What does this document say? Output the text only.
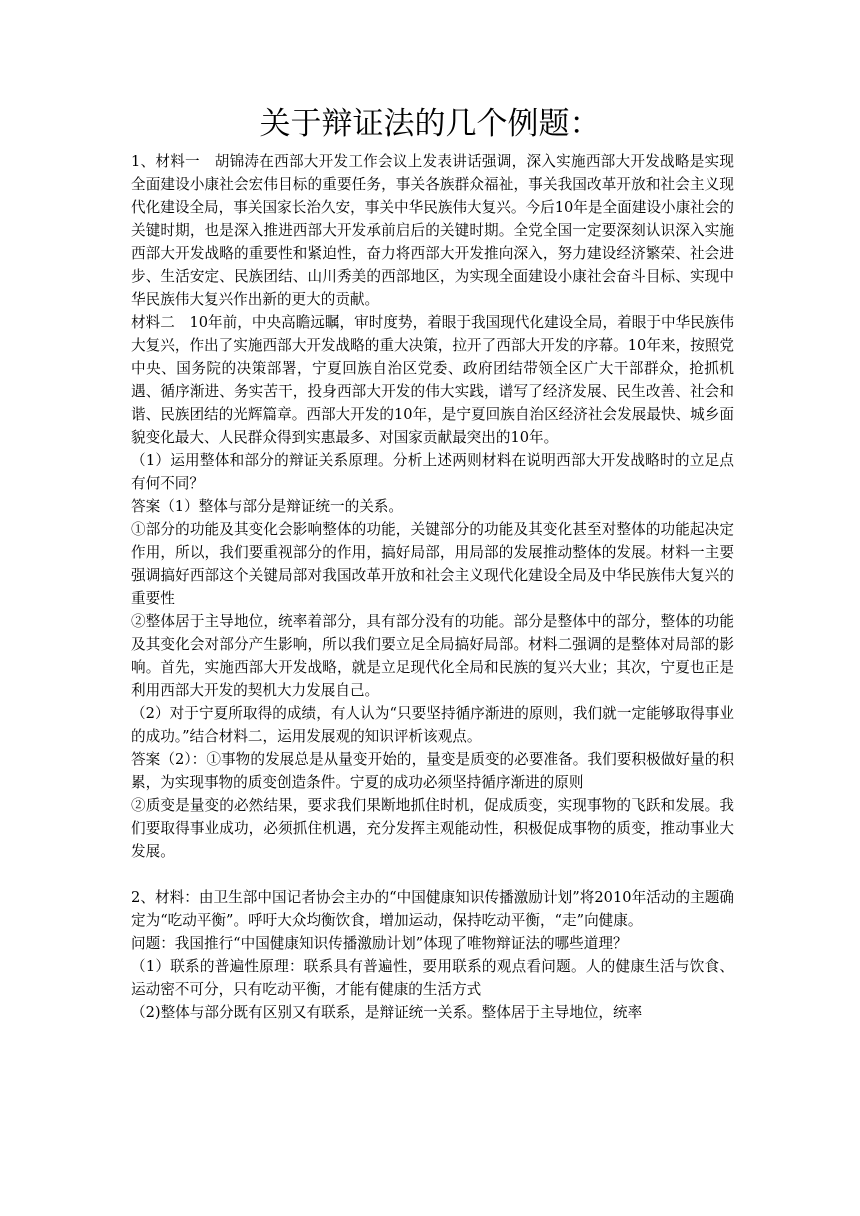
关于辩证法的几个例题：

1、材料一　胡锦涛在西部大开发工作会议上发表讲话强调，深入实施西部大开发战略是实现全面建设小康社会宏伟目标的重要任务，事关各族群众福祉，事关我国改革开放和社会主义现代化建设全局，事关国家长治久安，事关中华民族伟大复兴。今后10年是全面建设小康社会的关键时期，也是深入推进西部大开发承前启后的关键时期。全党全国一定要深刻认识深入实施西部大开发战略的重要性和紧迫性，奋力将西部大开发推向深入，努力建设经济繁荣、社会进步、生活安定、民族团结、山川秀美的西部地区，为实现全面建设小康社会奋斗目标、实现中华民族伟大复兴作出新的更大的贡献。

材料二　10年前，中央高瞻远瞩，审时度势，着眼于我国现代化建设全局，着眼于中华民族伟大复兴，作出了实施西部大开发战略的重大决策，拉开了西部大开发的序幕。10年来，按照党中央、国务院的决策部署，宁夏回族自治区党委、政府团结带领全区广大干部群众，抢抓机遇、循序渐进、务实苦干，投身西部大开发的伟大实践，谱写了经济发展、民生改善、社会和谐、民族团结的光辉篇章。西部大开发的10年，是宁夏回族自治区经济社会发展最快、城乡面貌变化最大、人民群众得到实惠最多、对国家贡献最突出的10年。

（1）运用整体和部分的辩证关系原理。分析上述两则材料在说明西部大开发战略时的立足点有何不同？

答案（1）整体与部分是辩证统一的关系。

①部分的功能及其变化会影响整体的功能，关键部分的功能及其变化甚至对整体的功能起决定作用，所以，我们要重视部分的作用，搞好局部，用局部的发展推动整体的发展。材料一主要强调搞好西部这个关键局部对我国改革开放和社会主义现代化建设全局及中华民族伟大复兴的重要性

②整体居于主导地位，统率着部分，具有部分没有的功能。部分是整体中的部分，整体的功能及其变化会对部分产生影响，所以我们要立足全局搞好局部。材料二强调的是整体对局部的影响。首先，实施西部大开发战略，就是立足现代化全局和民族的复兴大业；其次，宁夏也正是利用西部大开发的契机大力发展自己。

（2）对于宁夏所取得的成绩，有人认为“只要坚持循序渐进的原则，我们就一定能够取得事业的成功。”结合材料二，运用发展观的知识评析该观点。

答案（2）：①事物的发展总是从量变开始的，量变是质变的必要准备。我们要积极做好量的积累，为实现事物的质变创造条件。宁夏的成功必须坚持循序渐进的原则

②质变是量变的必然结果，要求我们果断地抓住时机，促成质变，实现事物的飞跃和发展。我们要取得事业成功，必须抓住机遇，充分发挥主观能动性，积极促成事物的质变，推动事业大发展。

2、材料：由卫生部中国记者协会主办的“中国健康知识传播激励计划”将2010年活动的主题确定为“吃动平衡”。呼吁大众均衡饮食，增加运动，保持吃动平衡，“走”向健康。

问题：我国推行“中国健康知识传播激励计划”体现了唯物辩证法的哪些道理？

（1）联系的普遍性原理：联系具有普遍性，要用联系的观点看问题。人的健康生活与饮食、运动密不可分，只有吃动平衡，才能有健康的生活方式

（2)整体与部分既有区别又有联系，是辩证统一关系。整体居于主导地位，统率
